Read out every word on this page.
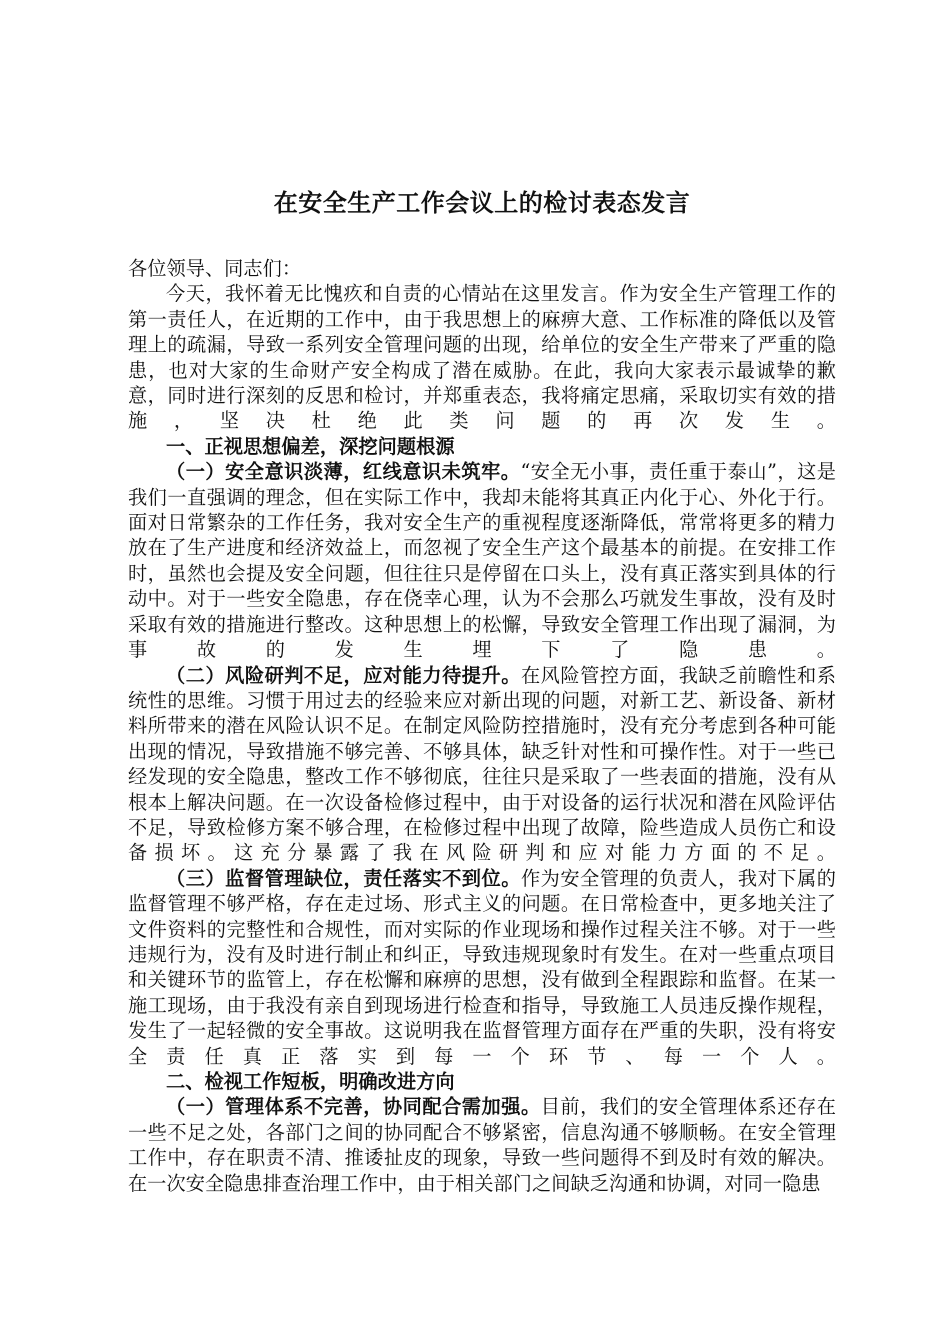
在安全生产工作会议上的检讨表态发言

各位领导、同志们：

今天，我怀着无比愧疚和自责的心情站在这里发言。作为安全生产管理工作的第一责任人，在近期的工作中，由于我思想上的麻痹大意、工作标准的降低以及管理上的疏漏，导致一系列安全管理问题的出现，给单位的安全生产带来了严重的隐患，也对大家的生命财产安全构成了潜在威胁。在此，我向大家表示最诚挚的歉意，同时进行深刻的反思和检讨，并郑重表态，我将痛定思痛，采取切实有效的措施，坚决杜绝此类问题的再次发生。

一、正视思想偏差，深挖问题根源

（一）安全意识淡薄，红线意识未筑牢。“安全无小事，责任重于泰山”，这是我们一直强调的理念，但在实际工作中，我却未能将其真正内化于心、外化于行。面对日常繁杂的工作任务，我对安全生产的重视程度逐渐降低，常常将更多的精力放在了生产进度和经济效益上，而忽视了安全生产这个最基本的前提。在安排工作时，虽然也会提及安全问题，但往往只是停留在口头上，没有真正落实到具体的行动中。对于一些安全隐患，存在侥幸心理，认为不会那么巧就发生事故，没有及时采取有效的措施进行整改。这种思想上的松懈，导致安全管理工作出现了漏洞，为事故的发生埋下了隐患。

（二）风险研判不足，应对能力待提升。在风险管控方面，我缺乏前瞻性和系统性的思维。习惯于用过去的经验来应对新出现的问题，对新工艺、新设备、新材料所带来的潜在风险认识不足。在制定风险防控措施时，没有充分考虑到各种可能出现的情况，导致措施不够完善、不够具体，缺乏针对性和可操作性。对于一些已经发现的安全隐患，整改工作不够彻底，往往只是采取了一些表面的措施，没有从根本上解决问题。在一次设备检修过程中，由于对设备的运行状况和潜在风险评估不足，导致检修方案不够合理，在检修过程中出现了故障，险些造成人员伤亡和设备损坏。这充分暴露了我在风险研判和应对能力方面的不足。

（三）监督管理缺位，责任落实不到位。作为安全管理的负责人，我对下属的监督管理不够严格，存在走过场、形式主义的问题。在日常检查中，更多地关注了文件资料的完整性和合规性，而对实际的作业现场和操作过程关注不够。对于一些违规行为，没有及时进行制止和纠正，导致违规现象时有发生。在对一些重点项目和关键环节的监管上，存在松懈和麻痹的思想，没有做到全程跟踪和监督。在某一施工现场，由于我没有亲自到现场进行检查和指导，导致施工人员违反操作规程，发生了一起轻微的安全事故。这说明我在监督管理方面存在严重的失职，没有将安全责任真正落实到每一个环节、每一个人。

二、检视工作短板，明确改进方向

（一）管理体系不完善，协同配合需加强。目前，我们的安全管理体系还存在一些不足之处，各部门之间的协同配合不够紧密，信息沟通不够顺畅。在安全管理工作中，存在职责不清、推诿扯皮的现象，导致一些问题得不到及时有效的解决。在一次安全隐患排查治理工作中，由于相关部门之间缺乏沟通和协调，对同一隐患
